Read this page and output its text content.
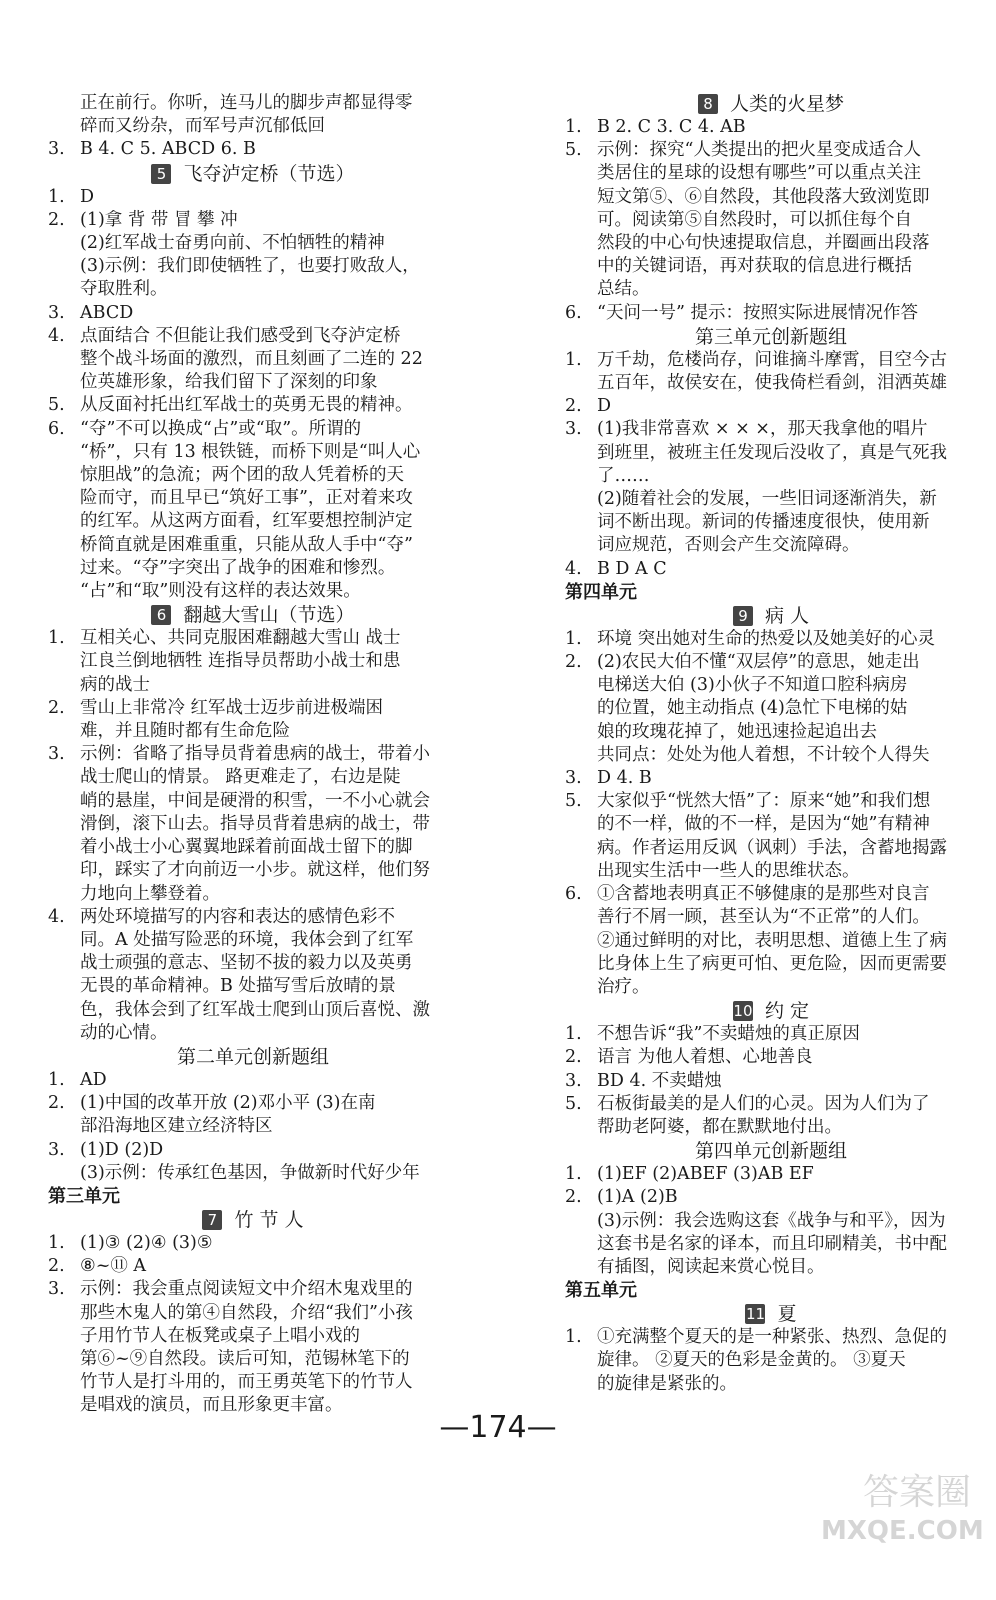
正在前行。你听，连马儿的脚步声都显得零
碎而又纷杂，而军号声沉郁低回
3. B 4. C 5. ABCD 6. B
5 飞夺泸定桥（节选）
1. D
2. (1)拿 背 带 冒 攀 冲
(2)红军战士奋勇向前、不怕牺牲的精神
(3)示例：我们即使牺牲了，也要打败敌人，
夺取胜利。
3. ABCD
4. 点面结合 不但能让我们感受到飞夺泸定桥
整个战斗场面的激烈，而且刻画了二连的 22
位英雄形象，给我们留下了深刻的印象
5. 从反面衬托出红军战士的英勇无畏的精神。
6. “夺”不可以换成“占”或“取”。所谓的
“桥”，只有 13 根铁链，而桥下则是“叫人心
惊胆战”的急流；两个团的敌人凭着桥的天
险而守，而且早已“筑好工事”，正对着来攻
的红军。从这两方面看，红军要想控制泸定
桥简直就是困难重重，只能从敌人手中“夺”
过来。“夺”字突出了战争的困难和惨烈。
“占”和“取”则没有这样的表达效果。
6 翻越大雪山（节选）
1. 互相关心、共同克服困难翻越大雪山 战士
江良兰倒地牺牲 连指导员帮助小战士和患
病的战士
2. 雪山上非常冷 红军战士迈步前进极端困
难，并且随时都有生命危险
3. 示例：省略了指导员背着患病的战士，带着小
战士爬山的情景。 路更难走了，右边是陡
峭的悬崖，中间是硬滑的积雪，一不小心就会
滑倒，滚下山去。指导员背着患病的战士，带
着小战士小心翼翼地踩着前面战士留下的脚
印，踩实了才向前迈一小步。就这样，他们努
力地向上攀登着。
4. 两处环境描写的内容和表达的感情色彩不
同。A 处描写险恶的环境，我体会到了红军
战士顽强的意志、坚韧不拔的毅力以及英勇
无畏的革命精神。B 处描写雪后放晴的景
色，我体会到了红军战士爬到山顶后喜悦、激
动的心情。
第二单元创新题组
1. AD
2. (1)中国的改革开放 (2)邓小平 (3)在南
部沿海地区建立经济特区
3. (1)D (2)D
(3)示例：传承红色基因，争做新时代好少年
第三单元
7 竹 节 人
1. (1)③ (2)④ (3)⑤
2. ⑧~⑪ A
3. 示例：我会重点阅读短文中介绍木鬼戏里的
那些木鬼人的第④自然段，介绍“我们”小孩
子用竹节人在板凳或桌子上唱小戏的
第⑥~⑨自然段。读后可知，范锡林笔下的
竹节人是打斗用的，而王勇英笔下的竹节人
是唱戏的演员，而且形象更丰富。
8 人类的火星梦
1. B 2. C 3. C 4. AB
5. 示例：探究“人类提出的把火星变成适合人
类居住的星球的设想有哪些”可以重点关注
短文第⑤、⑥自然段，其他段落大致浏览即
可。阅读第⑤自然段时，可以抓住每个自
然段的中心句快速提取信息，并圈画出段落
中的关键词语，再对获取的信息进行概括
总结。
6. “天问一号” 提示：按照实际进展情况作答
第三单元创新题组
1. 万千劫，危楼尚存，问谁摘斗摩霄，目空今古
五百年，故侯安在，使我倚栏看剑，泪洒英雄
2. D
3. (1)我非常喜欢 × × ×，那天我拿他的唱片
到班里，被班主任发现后没收了，真是气死我
了……
(2)随着社会的发展，一些旧词逐渐消失，新
词不断出现。新词的传播速度很快，使用新
词应规范，否则会产生交流障碍。
4. B D A C
第四单元
9 病 人
1. 环境 突出她对生命的热爱以及她美好的心灵
2. (2)农民大伯不懂“双层停”的意思，她走出
电梯送大伯 (3)小伙子不知道口腔科病房
的位置，她主动指点 (4)急忙下电梯的姑
娘的玫瑰花掉了，她迅速捡起追出去
共同点：处处为他人着想，不计较个人得失
3. D 4. B
5. 大家似乎“恍然大悟”了：原来“她”和我们想
的不一样，做的不一样，是因为“她”有精神
病。作者运用反讽（讽刺）手法，含蓄地揭露
出现实生活中一些人的思维状态。
6. ①含蓄地表明真正不够健康的是那些对良言
善行不屑一顾，甚至认为“不正常”的人们。
②通过鲜明的对比，表明思想、道德上生了病
比身体上生了病更可怕、更危险，因而更需要
治疗。
10 约 定
1. 不想告诉“我”不卖蜡烛的真正原因
2. 语言 为他人着想、心地善良
3. BD 4. 不卖蜡烛
5. 石板街最美的是人们的心灵。因为人们为了
帮助老阿婆，都在默默地付出。
第四单元创新题组
1. (1)EF (2)ABEF (3)AB EF
2. (1)A (2)B
(3)示例：我会选购这套《战争与和平》，因为
这套书是名家的译本，而且印刷精美，书中配
有插图，阅读起来赏心悦目。
第五单元
11 夏
1. ①充满整个夏天的是一种紧张、热烈、急促的
旋律。 ②夏天的色彩是金黄的。 ③夏天
的旋律是紧张的。
—174—
答案圈
MXQE.COM
